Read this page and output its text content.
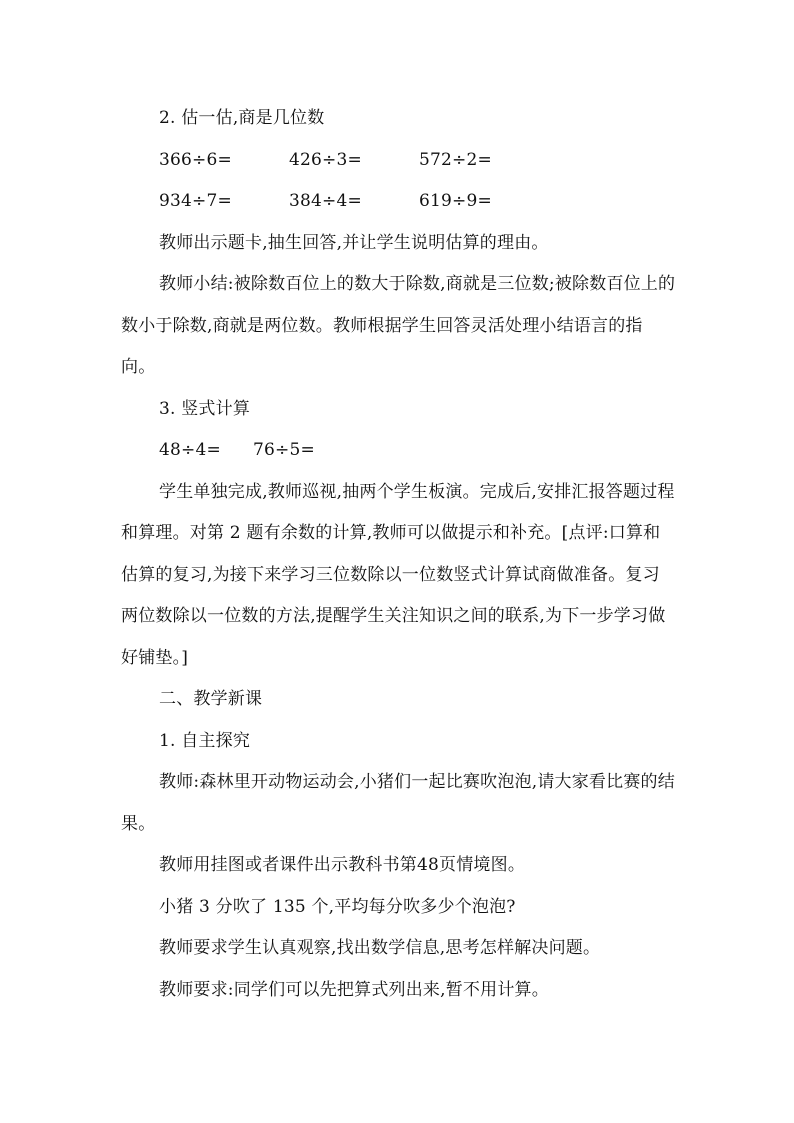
2. 估一估,商是几位数

366÷6=	426÷3=	572÷2=
934÷7=	384÷4=	619÷9=

教师出示题卡,抽生回答,并让学生说明估算的理由。

教师小结:被除数百位上的数大于除数,商就是三位数;被除数百位上的数小于除数,商就是两位数。教师根据学生回答灵活处理小结语言的指向。

3. 竖式计算

48÷4=	76÷5=

学生单独完成,教师巡视,抽两个学生板演。完成后,安排汇报答题过程和算理。对第 2 题有余数的计算,教师可以做提示和补充。[点评:口算和估算的复习,为接下来学习三位数除以一位数竖式计算试商做准备。复习两位数除以一位数的方法,提醒学生关注知识之间的联系,为下一步学习做好铺垫。]

二、教学新课

1. 自主探究

教师:森林里开动物运动会,小猪们一起比赛吹泡泡,请大家看比赛的结果。

教师用挂图或者课件出示教科书第48页情境图。

小猪 3 分吹了 135 个,平均每分吹多少个泡泡?

教师要求学生认真观察,找出数学信息,思考怎样解决问题。

教师要求:同学们可以先把算式列出来,暂不用计算。
